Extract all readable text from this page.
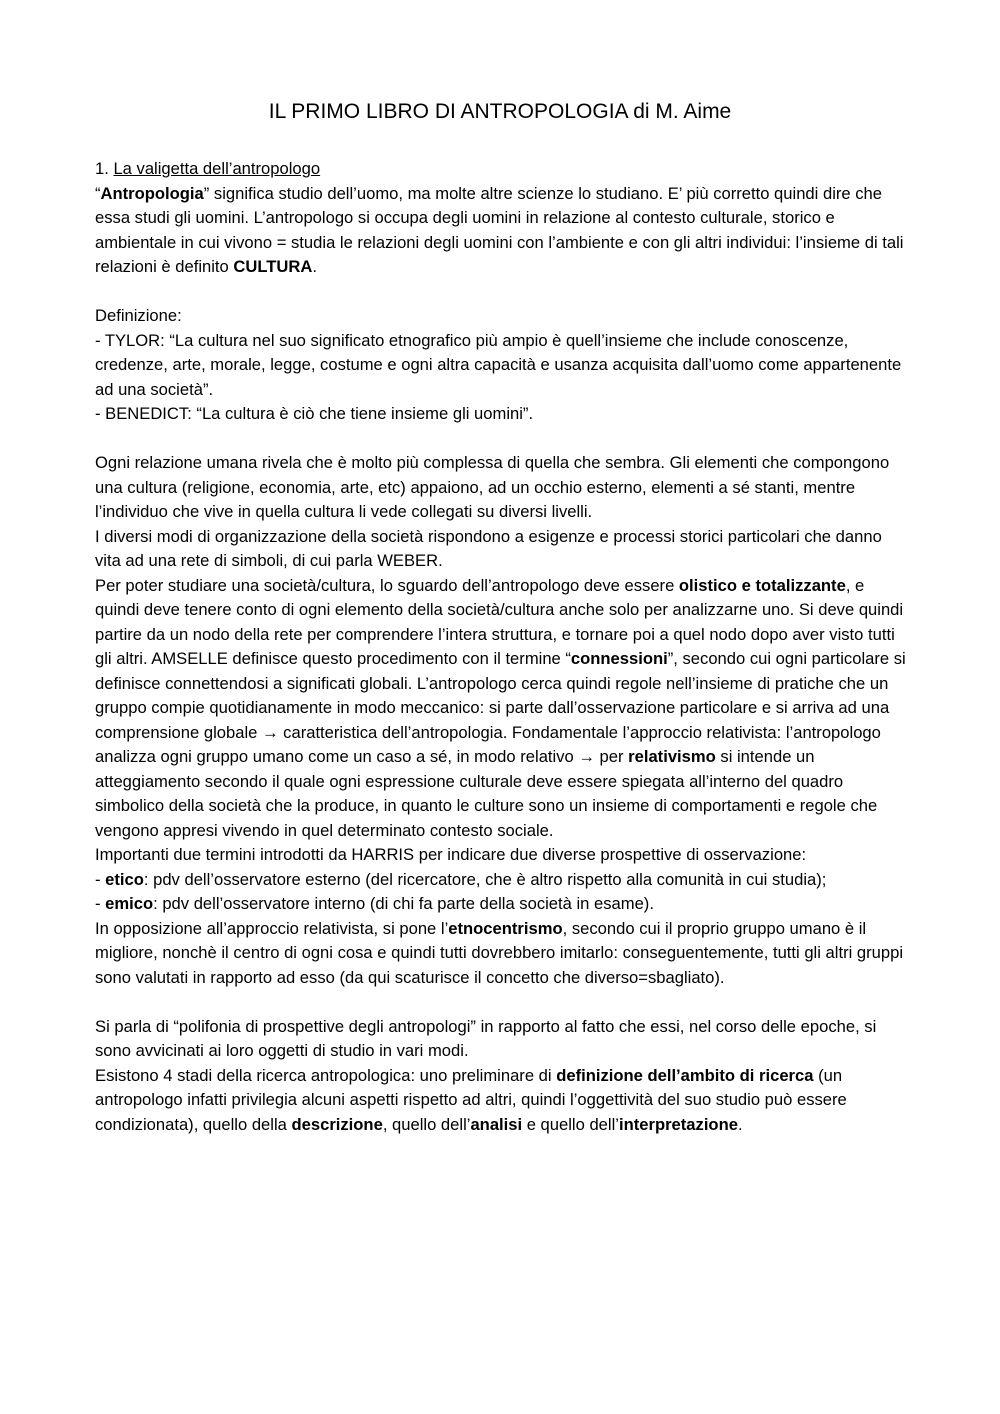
IL PRIMO LIBRO DI ANTROPOLOGIA di M. Aime

1. La valigetta dell’antropologo

“Antropologia” significa studio dell’uomo, ma molte altre scienze lo studiano. E’ più corretto quindi dire che essa studi gli uomini. L’antropologo si occupa degli uomini in relazione al contesto culturale, storico e ambientale in cui vivono = studia le relazioni degli uomini con l’ambiente e con gli altri individui: l’insieme di tali relazioni è definito CULTURA.

Definizione:

- TYLOR: “La cultura nel suo significato etnografico più ampio è quell’insieme che include conoscenze, credenze, arte, morale, legge, costume e ogni altra capacità e usanza acquisita dall’uomo come appartenente ad una società”.

- BENEDICT: “La cultura è ciò che tiene insieme gli uomini”.

Ogni relazione umana rivela che è molto più complessa di quella che sembra. Gli elementi che compongono una cultura (religione, economia, arte, etc) appaiono, ad un occhio esterno, elementi a sé stanti, mentre l’individuo che vive in quella cultura li vede collegati su diversi livelli.

I diversi modi di organizzazione della società rispondono a esigenze e processi storici particolari che danno vita ad una rete di simboli, di cui parla WEBER.

Per poter studiare una società/cultura, lo sguardo dell’antropologo deve essere olistico e totalizzante, e quindi deve tenere conto di ogni elemento della società/cultura anche solo per analizzarne uno. Si deve quindi partire da un nodo della rete per comprendere l’intera struttura, e tornare poi a quel nodo dopo aver visto tutti gli altri. AMSELLE definisce questo procedimento con il termine “connessioni”, secondo cui ogni particolare si definisce connettendosi a significati globali. L’antropologo cerca quindi regole nell’insieme di pratiche che un gruppo compie quotidianamente in modo meccanico: si parte dall’osservazione particolare e si arriva ad una comprensione globale → caratteristica dell’antropologia. Fondamentale l’approccio relativista: l’antropologo analizza ogni gruppo umano come un caso a sé, in modo relativo → per relativismo si intende un atteggiamento secondo il quale ogni espressione culturale deve essere spiegata all’interno del quadro simbolico della società che la produce, in quanto le culture sono un insieme di comportamenti e regole che vengono appresi vivendo in quel determinato contesto sociale.

Importanti due termini introdotti da HARRIS per indicare due diverse prospettive di osservazione:

- etico: pdv dell’osservatore esterno (del ricercatore, che è altro rispetto alla comunità in cui studia);

- emico: pdv dell’osservatore interno (di chi fa parte della società in esame).

In opposizione all’approccio relativista, si pone l’etnocentrismo, secondo cui il proprio gruppo umano è il migliore, nonchè il centro di ogni cosa e quindi tutti dovrebbero imitarlo: conseguentemente, tutti gli altri gruppi sono valutati in rapporto ad esso (da qui scaturisce il concetto che diverso=sbagliato).

Si parla di “polifonia di prospettive degli antropologi” in rapporto al fatto che essi, nel corso delle epoche, si sono avvicinati ai loro oggetti di studio in vari modi.

Esistono 4 stadi della ricerca antropologica: uno preliminare di definizione dell’ambito di ricerca (un antropologo infatti privilegia alcuni aspetti rispetto ad altri, quindi l’oggettività del suo studio può essere condizionata), quello della descrizione, quello dell’analisi e quello dell’interpretazione.
